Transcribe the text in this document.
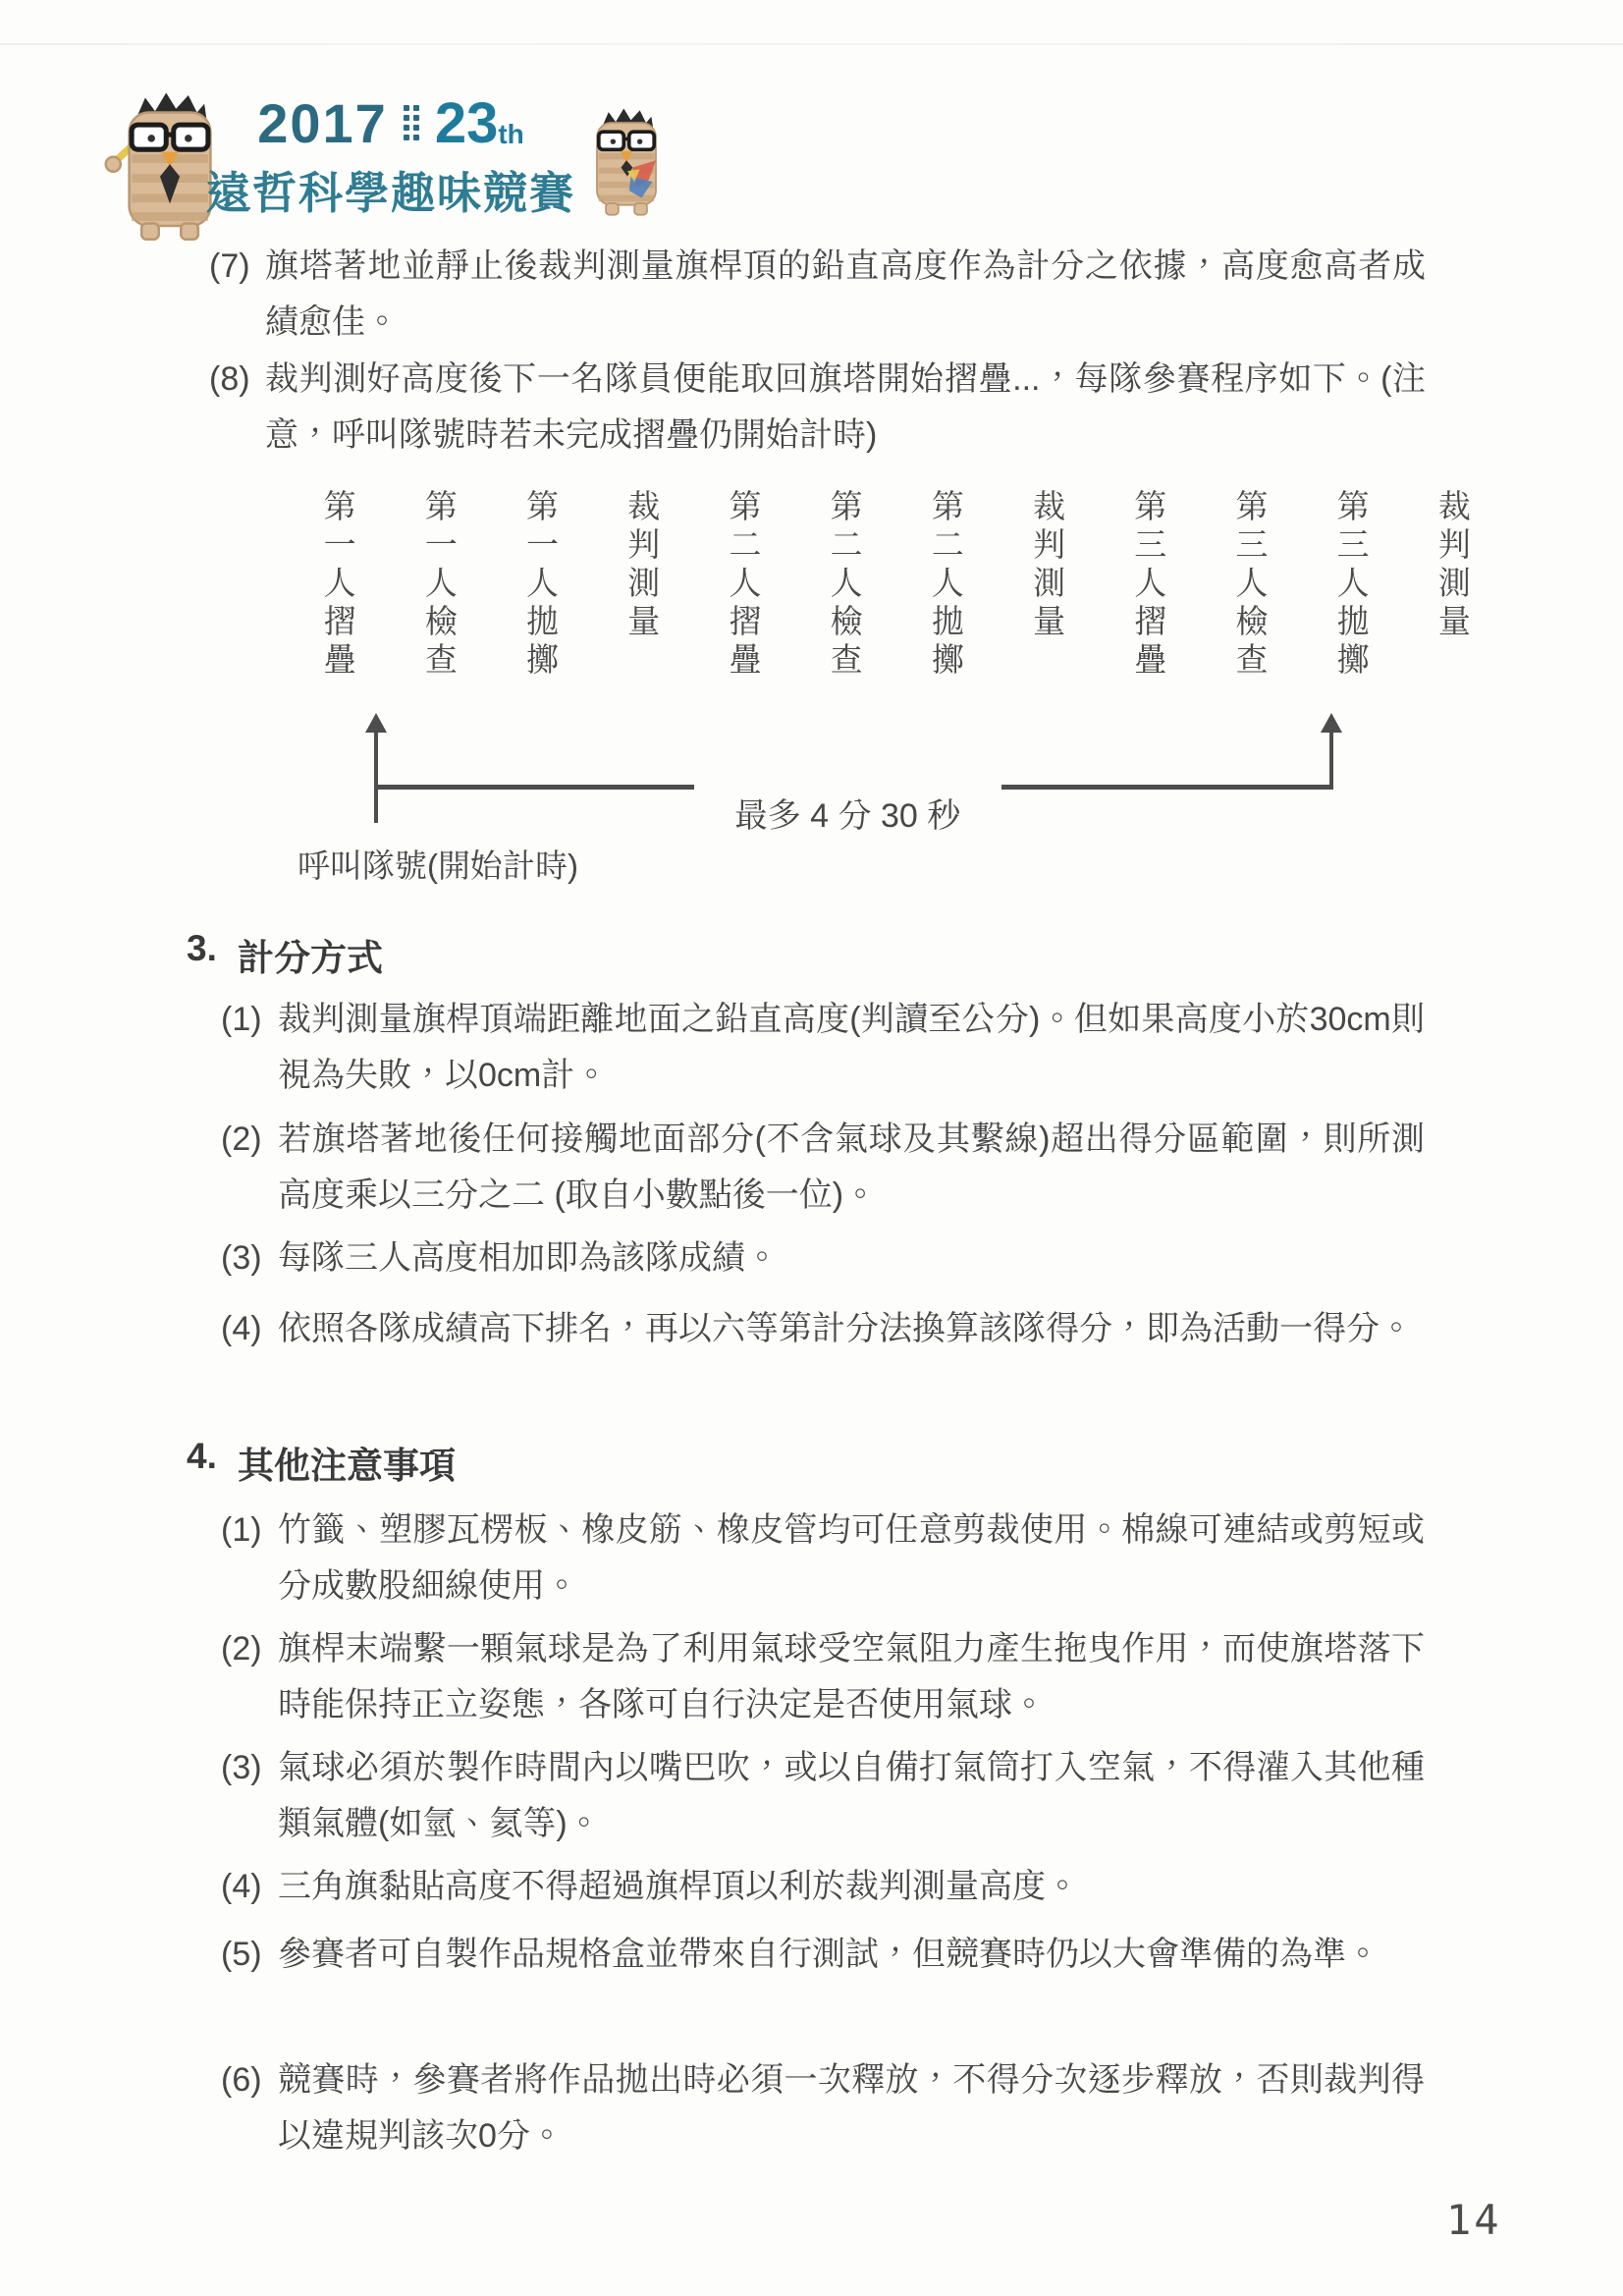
2017 23 th
遠哲科學趣味競賽
(7) 旗塔著地並靜止後裁判測量旗桿頂的鉛直高度作為計分之依據，高度愈高者成績愈佳。
(8) 裁判測好高度後下一名隊員便能取回旗塔開始摺疊...，每隊參賽程序如下。(注意，呼叫隊號時若未完成摺疊仍開始計時)
第一人摺疊 第一人檢查 第一人拋擲 裁判測量 第二人摺疊 第二人檢查 第二人拋擲 裁判測量 第三人摺疊 第三人檢查 第三人拋擲 裁判測量
最多 4 分 30 秒
呼叫隊號(開始計時)
3. 計分方式
(1) 裁判測量旗桿頂端距離地面之鉛直高度(判讀至公分)。但如果高度小於30cm則視為失敗，以0cm計。
(2) 若旗塔著地後任何接觸地面部分(不含氣球及其繫線)超出得分區範圍，則所測高度乘以三分之二 (取自小數點後一位)。
(3) 每隊三人高度相加即為該隊成績。
(4) 依照各隊成績高下排名，再以六等第計分法換算該隊得分，即為活動一得分。
4. 其他注意事項
(1) 竹籤、塑膠瓦楞板、橡皮筋、橡皮管均可任意剪裁使用。棉線可連結或剪短或分成數股細線使用。
(2) 旗桿末端繫一顆氣球是為了利用氣球受空氣阻力產生拖曳作用，而使旗塔落下時能保持正立姿態，各隊可自行決定是否使用氣球。
(3) 氣球必須於製作時間內以嘴巴吹，或以自備打氣筒打入空氣，不得灌入其他種類氣體(如氫、氦等)。
(4) 三角旗黏貼高度不得超過旗桿頂以利於裁判測量高度。
(5) 參賽者可自製作品規格盒並帶來自行測試，但競賽時仍以大會準備的為準。
(6) 競賽時，參賽者將作品拋出時必須一次釋放，不得分次逐步釋放，否則裁判得以違規判該次0分。
14
